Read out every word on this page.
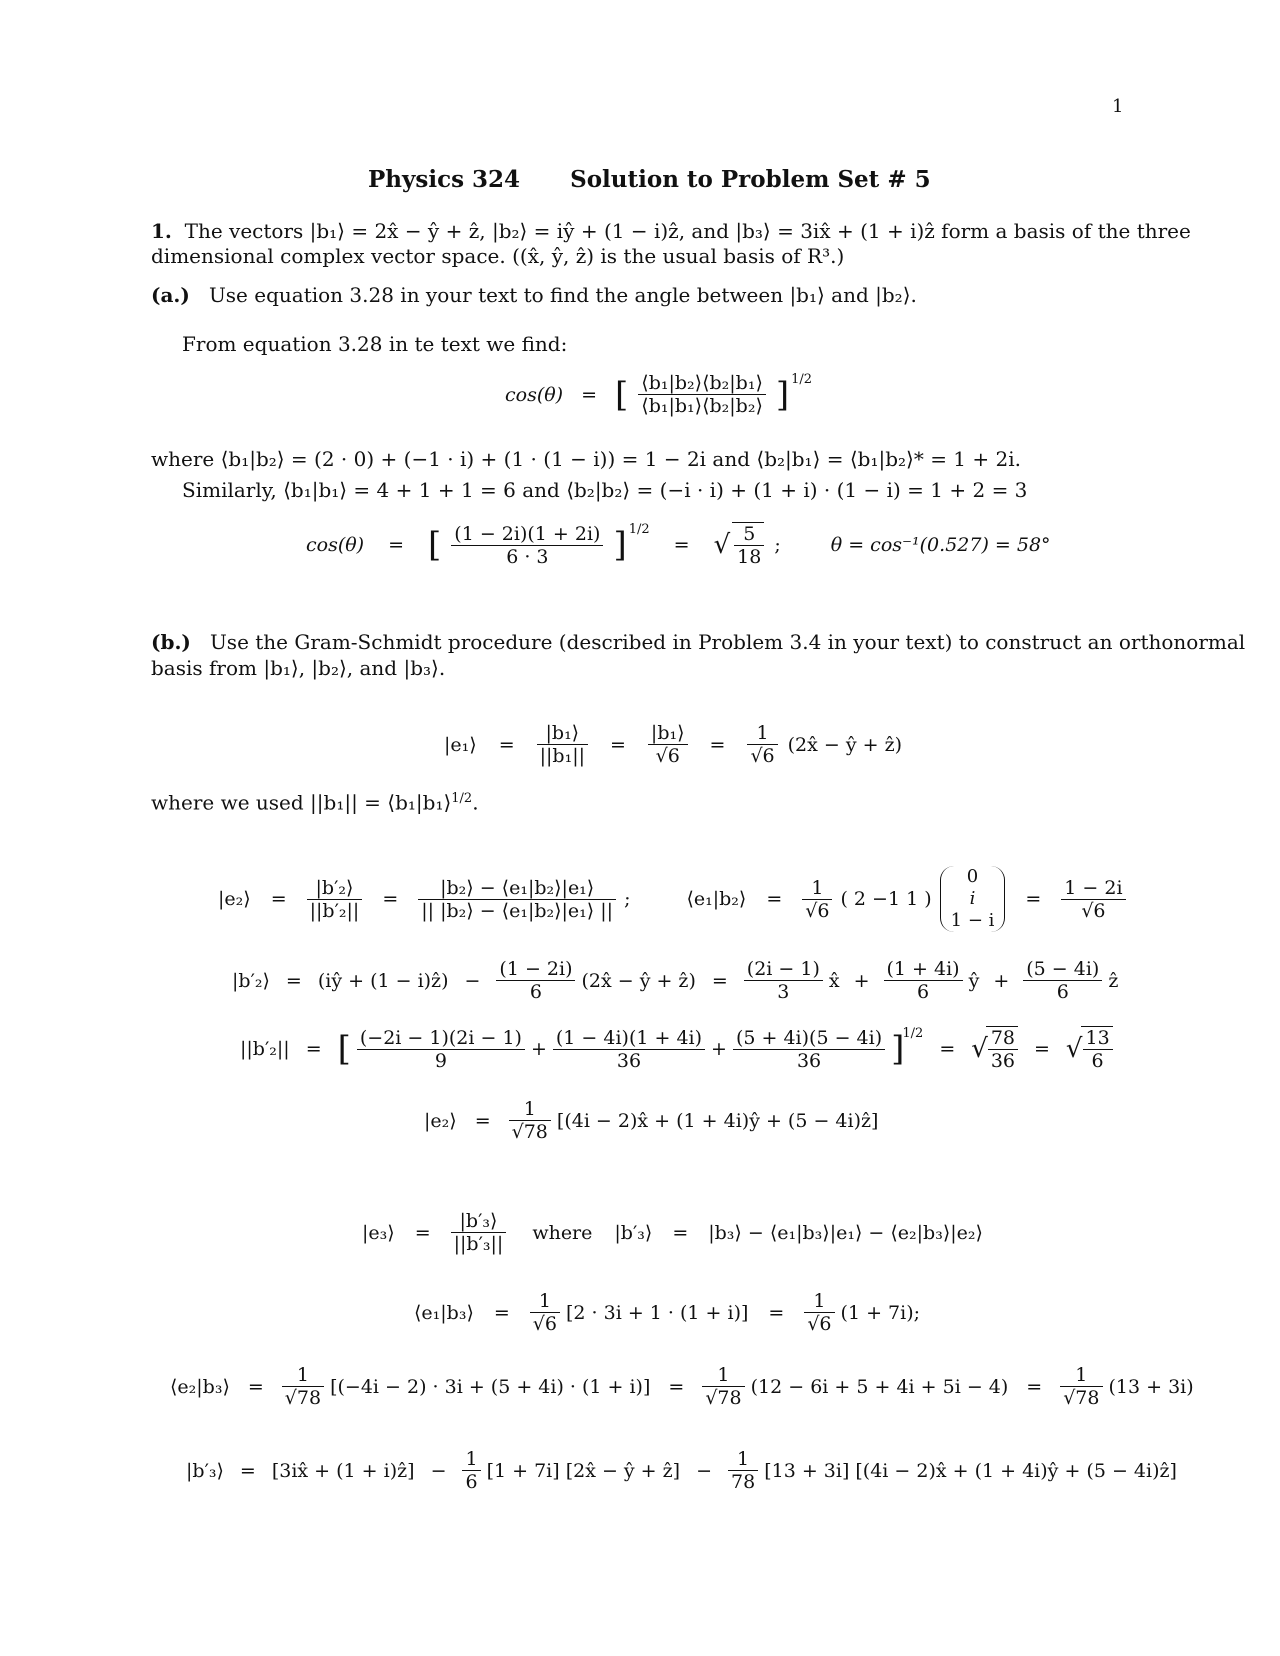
1
Physics 324 Solution to Problem Set # 5
1. The vectors |b₁⟩ = 2x̂ − ŷ + ẑ, |b₂⟩ = iŷ + (1 − i)ẑ, and |b₃⟩ = 3ix̂ + (1 + i)ẑ form a basis of the three
dimensional complex vector space. ((x̂, ŷ, ẑ) is the usual basis of R³.)
(a.) Use equation 3.28 in your text to find the angle between |b₁⟩ and |b₂⟩.
From equation 3.28 in te text we find:
cos(θ) = [ $\frac{\text{⟨b₁|b₂⟩⟨b₂|b₁⟩}}{\text{⟨b₁|b₁⟩⟨b₂|b₂⟩}}$ ] 1/2
where ⟨b₁|b₂⟩ = (2 · 0) + (−1 · i) + (1 · (1 − i)) = 1 − 2i and ⟨b₂|b₁⟩ = ⟨b₁|b₂⟩* = 1 + 2i.
Similarly, ⟨b₁|b₁⟩ = 4 + 1 + 1 = 6 and ⟨b₂|b₂⟩ = (−i · i) + (1 + i) · (1 − i) = 1 + 2 = 3
cos(θ) = [ $\frac{(1 - 2i)(1 + 2i)}{6 \cdot 3}$ ] 1/2
= √ $\frac{5}{18}$ ;	θ = cos⁻¹(0.527) = 58°
(b.) Use the Gram-Schmidt procedure (described in Problem 3.4 in your text) to construct an orthonormal
basis from |b₁⟩, |b₂⟩, and |b₃⟩.
|e₁⟩ = $\frac{\text{|b₁⟩}}{\text{||b₁||}} = \frac{\text{|b₁⟩}}{√6} = \frac{1}{√6}$ (2x̂ − ŷ + ẑ)
where we used ||b₁|| = ⟨b₁|b₁⟩$^{1/2}$.
|e₂⟩ = $\frac{\text{|b′₂⟩}}{\text{||b′₂||}} = \frac{\text{|b₂⟩ − ⟨e₁|b₂⟩|e₁⟩}}{\text{|| |b₂⟩ − ⟨e₁|b₂⟩|e₁⟩ ||}}$ ;	⟨e₁|b₂⟩ = $\frac{1}{√6}$ ( 2 −1 1 )
0
i
1 − i
= $\frac{1 - 2i}{√6}$
|b′₂⟩ = (iŷ + (1 − i)ẑ) − $\frac{(1 - 2i)}{6}$ (2x̂ − ŷ + ẑ) = $\frac{(2i - 1)}{3}$ x̂ + $\frac{(1 + 4i)}{6}$ ŷ + $\frac{(5 - 4i)}{6}$ ẑ
||b′₂|| = [ $\frac{(-2i - 1)(2i - 1)}{9} + \frac{(1 - 4i)(1 + 4i)}{36} + \frac{(5 + 4i)(5 - 4i)}{36}$ ]
1/2
= √
$\frac{78}{36}$ = √
$\frac{13}{6}$
|e₂⟩ = $\frac{1}{√78} [(4i$ − 2)x̂ + (1 + 4i)ŷ + (5 − 4i)ẑ]
|e₃⟩ = $\frac{\text{|b′₃⟩}}{\text{||b′₃||}}$ where |b′₃⟩ = |b₃⟩ − ⟨e₁|b₃⟩|e₁⟩ − ⟨e₂|b₃⟩|e₂⟩
⟨e₁|b₃⟩ = $\frac{1}{√6} [2 \cdot 3i + 1 \cdot (1 + i)] = \frac{1}{√6} (1 + 7i)$;
⟨e₂|b₃⟩ = $\frac{1}{√78} [(-4i - 2) \cdot 3i + (5 + 4i) \cdot (1 + i)] = \frac{1}{√78} (12 - 6i + 5 + 4i + 5i - 4) = \frac{1}{√78} (13 + 3i)$
|b′₃⟩ = [3ix̂ + (1 + i)ẑ] − $\frac{1}{6} [1 + 7i]$ [2x̂ − ŷ + ẑ] − $\frac{1}{78} [13 + 3i] [(4i$ − 2)x̂ + (1 + 4i)ŷ + (5 − 4i)ẑ]
